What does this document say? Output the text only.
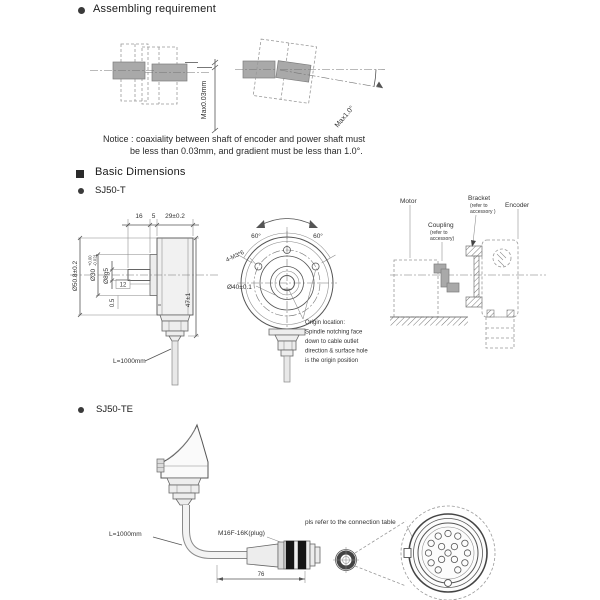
Assembling requirement
Max0.03mm	Max1.0°
Notice : coaxiality between shaft of encoder and power shaft must
be less than 0.03mm, and gradient must be less than 1.0°.
Basic Dimensions
SJ50-T
16 5 29±0.2
Ø50.8±0.2 Ø30
+0.00 -0.021
Ø8g5
12
0.5	47±1
L=1000mm
60°	60°
4-M3*6
Ø40±0.1
Origin location:
Spindle notching face
down to cable outlet
direction & surface hole
is the origin position
Motor
Coupling
(refer to
accessory)
Bracket
(refer to
accessory )
Encoder
SJ50-TE
L=1000mm	M16F-16K(plug)
76
pls refer to the connection table
